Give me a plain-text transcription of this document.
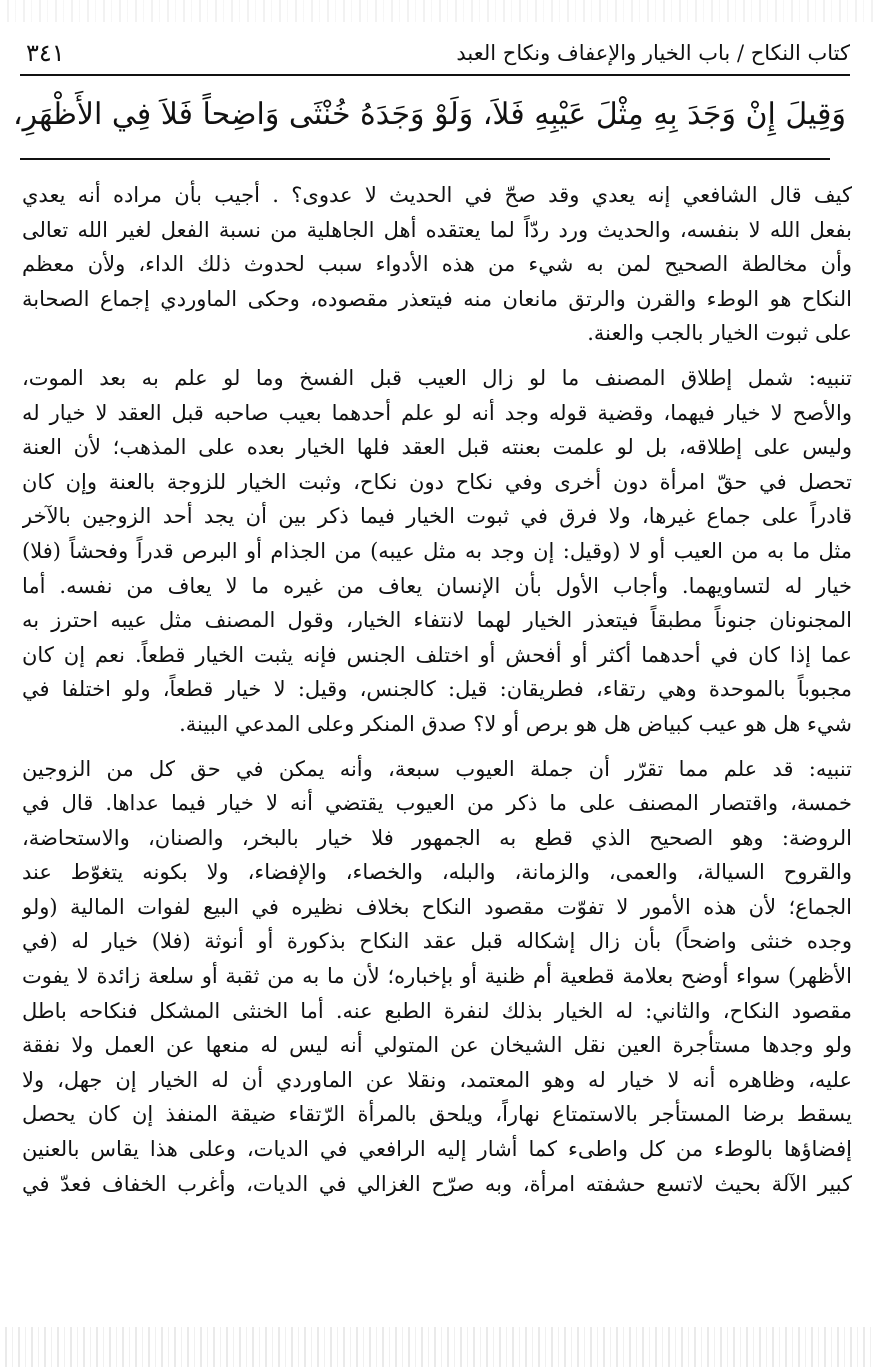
كتاب النكاح / باب الخيار والإعفاف ونكاح العبد
٣٤١
وَقِيلَ إِنْ وَجَدَ بِهِ مِثْلَ عَيْبِهِ فَلاَ، وَلَوْ وَجَدَهُ خُنْثَى وَاضِحاً فَلاَ فِي الأَظْهَرِ،
كيف قال الشافعي إنه يعدي وقد صحّ في الحديث لا عدوى؟ . أجيب بأن مراده أنه يعدي
بفعل الله لا بنفسه، والحديث ورد ردّاً لما يعتقده أهل الجاهلية من نسبة الفعل لغير الله تعالى
وأن مخالطة الصحيح لمن به شيء من هذه الأدواء سبب لحدوث ذلك الداء، ولأن معظم
النكاح هو الوطء والقرن والرتق مانعان منه فيتعذر مقصوده، وحكى الماوردي إجماع الصحابة
على ثبوت الخيار بالجب والعنة.
تنبيه: شمل إطلاق المصنف ما لو زال العيب قبل الفسخ وما لو علم به بعد الموت،
والأصح لا خيار فيهما، وقضية قوله وجد أنه لو علم أحدهما بعيب صاحبه قبل العقد لا خيار له
وليس على إطلاقه، بل لو علمت بعنته قبل العقد فلها الخيار بعده على المذهب؛ لأن العنة
تحصل في حقّ امرأة دون أخرى وفي نكاح دون نكاح، وثبت الخيار للزوجة بالعنة وإن كان
قادراً على جماع غيرها، ولا فرق في ثبوت الخيار فيما ذكر بين أن يجد أحد الزوجين بالآخر
مثل ما به من العيب أو لا (وقيل: إن وجد به مثل عيبه) من الجذام أو البرص قدراً وفحشاً (فلا)
خيار له لتساويهما. وأجاب الأول بأن الإنسان يعاف من غيره ما لا يعاف من نفسه. أما
المجنونان جنوناً مطبقاً فيتعذر الخيار لهما لانتفاء الخيار، وقول المصنف مثل عيبه احترز به
عما إذا كان في أحدهما أكثر أو أفحش أو اختلف الجنس فإنه يثبت الخيار قطعاً. نعم إن كان
مجبوباً بالموحدة وهي رتقاء، فطريقان: قيل: كالجنس، وقيل: لا خيار قطعاً، ولو اختلفا في
شيء هل هو عيب كبياض هل هو برص أو لا؟ صدق المنكر وعلى المدعي البينة.
تنبيه: قد علم مما تقرّر أن جملة العيوب سبعة، وأنه يمكن في حق كل من الزوجين
خمسة، واقتصار المصنف على ما ذكر من العيوب يقتضي أنه لا خيار فيما عداها. قال في
الروضة: وهو الصحيح الذي قطع به الجمهور فلا خيار بالبخر، والصنان، والاستحاضة،
والقروح السيالة، والعمى، والزمانة، والبله، والخصاء، والإفضاء، ولا بكونه يتغوّط عند
الجماع؛ لأن هذه الأمور لا تفوّت مقصود النكاح بخلاف نظيره في البيع لفوات المالية (ولو
وجده خنثى واضحاً) بأن زال إشكاله قبل عقد النكاح بذكورة أو أنوثة (فلا) خيار له (في
الأظهر) سواء أوضح بعلامة قطعية أم ظنية أو بإخباره؛ لأن ما به من ثقبة أو سلعة زائدة لا يفوت
مقصود النكاح، والثاني: له الخيار بذلك لنفرة الطبع عنه. أما الخنثى المشكل فنكاحه باطل
ولو وجدها مستأجرة العين نقل الشيخان عن المتولي أنه ليس له منعها عن العمل ولا نفقة
عليه، وظاهره أنه لا خيار له وهو المعتمد، ونقلا عن الماوردي أن له الخيار إن جهل، ولا
يسقط برضا المستأجر بالاستمتاع نهاراً، ويلحق بالمرأة الرّتقاء ضيقة المنفذ إن كان يحصل
إفضاؤها بالوطء من كل واطىء كما أشار إليه الرافعي في الديات، وعلى هذا يقاس بالعنين
كبير الآلة بحيث لاتسع حشفته امرأة، وبه صرّح الغزالي في الديات، وأغرب الخفاف فعدّ في
